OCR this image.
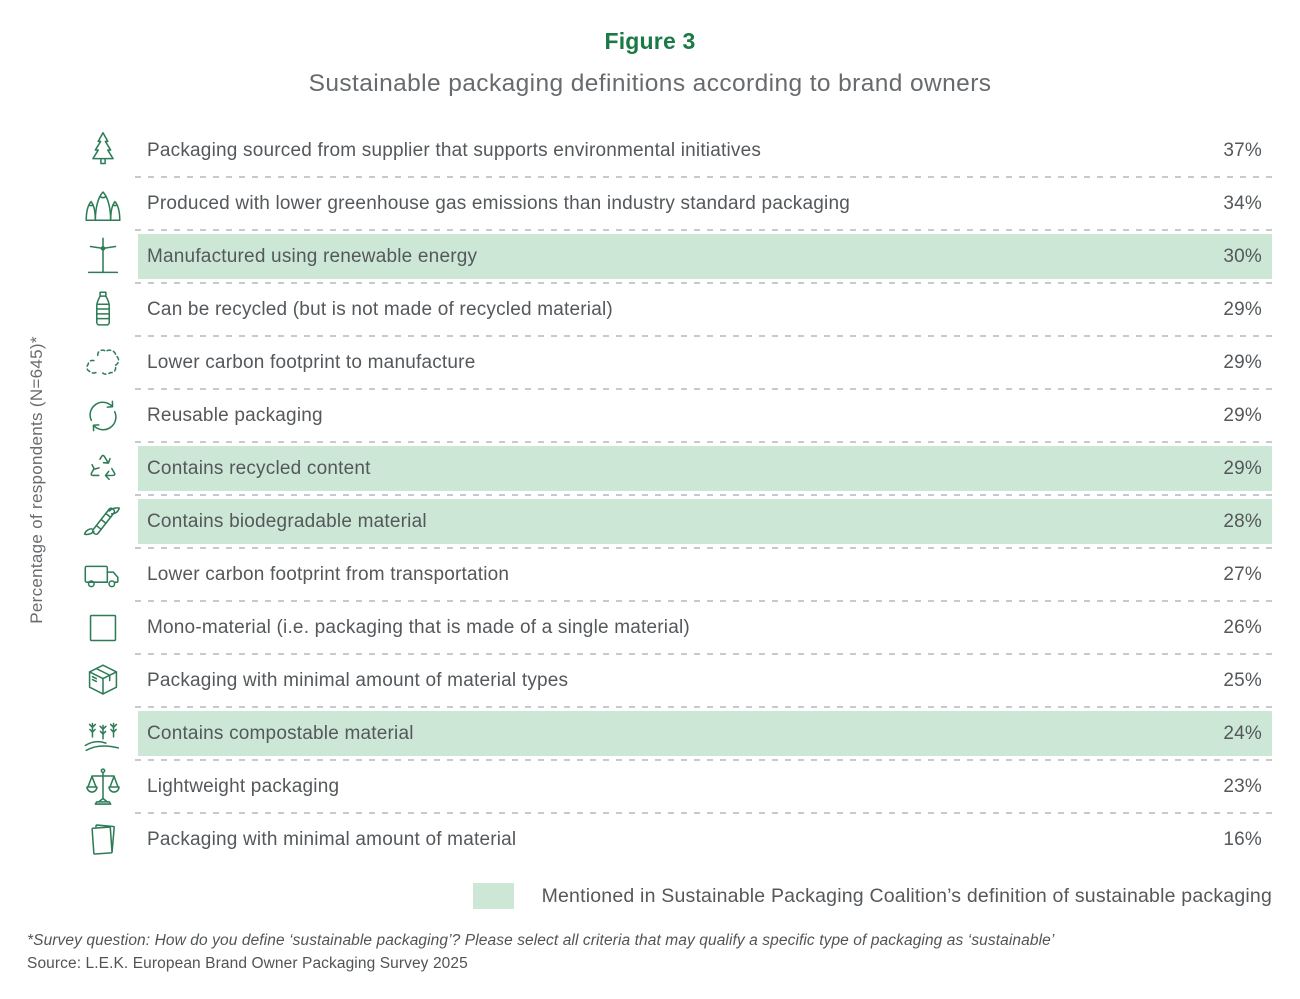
Figure 3
Sustainable packaging definitions according to brand owners
Percentage of respondents (N=645)*
Packaging sourced from supplier that supports environmental initiatives	37%
Produced with lower greenhouse gas emissions than industry standard packaging	34%
Manufactured using renewable energy	30%
Can be recycled (but is not made of recycled material)	29%
Lower carbon footprint to manufacture	29%
Reusable packaging	29%
Contains recycled content	29%
Contains biodegradable material	28%
Lower carbon footprint from transportation	27%
Mono-material (i.e. packaging that is made of a single material)	26%
Packaging with minimal amount of material types	25%
Contains compostable material	24%
Lightweight packaging	23%
Packaging with minimal amount of material	16%
Mentioned in Sustainable Packaging Coalition’s definition of sustainable packaging
*Survey question: How do you define ‘sustainable packaging’? Please select all criteria that may qualify a specific type of packaging as ‘sustainable’
Source: L.E.K. European Brand Owner Packaging Survey 2025
